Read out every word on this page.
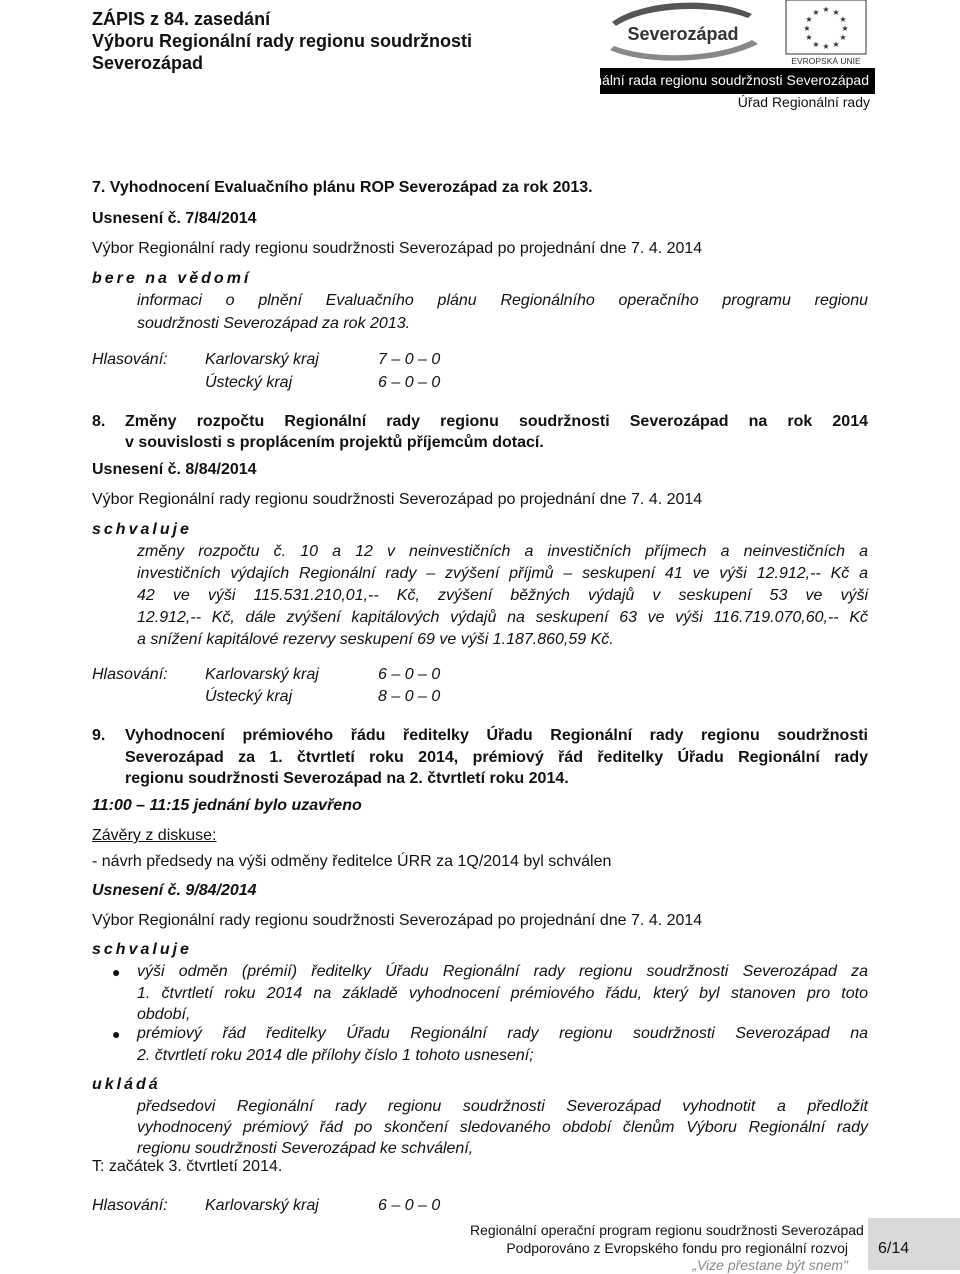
ZÁPIS z 84. zasedání
Výboru Regionální rady regionu soudržnosti
Severozápad
Severozápad
★ ★
★
★
★
★
★
★
★
★
★
★
EVROPSKÁ UNIE
Regionální rada regionu soudržnosti Severozápad
Úřad Regionální rady
7. Vyhodnocení Evaluačního plánu ROP Severozápad za rok 2013.
Usnesení č. 7/84/2014
Výbor Regionální rady regionu soudržnosti Severozápad po projednání dne 7. 4. 2014
bere na vědomí
informaci o plnění Evaluačního plánu Regionálního operačního programu regionu
soudržnosti Severozápad za rok 2013.
Hlasování: Karlovarský kraj	7 – 0 – 0
Ústecký kraj	6 – 0 – 0
8. Změny rozpočtu Regionální rady regionu soudržnosti Severozápad na rok 2014
v souvislosti s proplácením projektů příjemcům dotací.
Usnesení č. 8/84/2014
Výbor Regionální rady regionu soudržnosti Severozápad po projednání dne 7. 4. 2014
schvaluje
změny rozpočtu č. 10 a 12 v neinvestičních a investičních příjmech a neinvestičních a
investičních výdajích Regionální rady – zvýšení příjmů – seskupení 41 ve výši 12.912,-- Kč a
42 ve výši 115.531.210,01,-- Kč, zvýšení běžných výdajů v seskupení 53 ve výši
12.912,-- Kč, dále zvýšení kapitálových výdajů na seskupení 63 ve výši 116.719.070,60,-- Kč
a snížení kapitálové rezervy seskupení 69 ve výši 1.187.860,59 Kč.
Hlasování: Karlovarský kraj	6 – 0 – 0
Ústecký kraj	8 – 0 – 0
9. Vyhodnocení prémiového řádu ředitelky Úřadu Regionální rady regionu soudržnosti
Severozápad za 1. čtvrtletí roku 2014, prémiový řád ředitelky Úřadu Regionální rady
regionu soudržnosti Severozápad na 2. čtvrtletí roku 2014.
11:00 – 11:15 jednání bylo uzavřeno
Závěry z diskuse:
- návrh předsedy na výši odměny ředitelce ÚRR za 1Q/2014 byl schválen
Usnesení č. 9/84/2014
Výbor Regionální rady regionu soudržnosti Severozápad po projednání dne 7. 4. 2014
schvaluje
● výši odměn (prémií) ředitelky Úřadu Regionální rady regionu soudržnosti Severozápad za
1. čtvrtletí roku 2014 na základě vyhodnocení prémiového řádu, který byl stanoven pro toto
období,
● prémiový řád ředitelky Úřadu Regionální rady regionu soudržnosti Severozápad na
2. čtvrtletí roku 2014 dle přílohy číslo 1 tohoto usnesení;
ukládá
předsedovi Regionální rady regionu soudržnosti Severozápad vyhodnotit a předložit
vyhodnocený prémiový řád po skončení sledovaného období členům Výboru Regionální rady
regionu soudržnosti Severozápad ke schválení,
T: začátek 3. čtvrtletí 2014.
Hlasování: Karlovarský kraj	6 – 0 – 0
Regionální operační program regionu soudržnosti Severozápad
Podporováno z Evropského fondu pro regionální rozvoj
„Vize přestane být snem"
6/14
